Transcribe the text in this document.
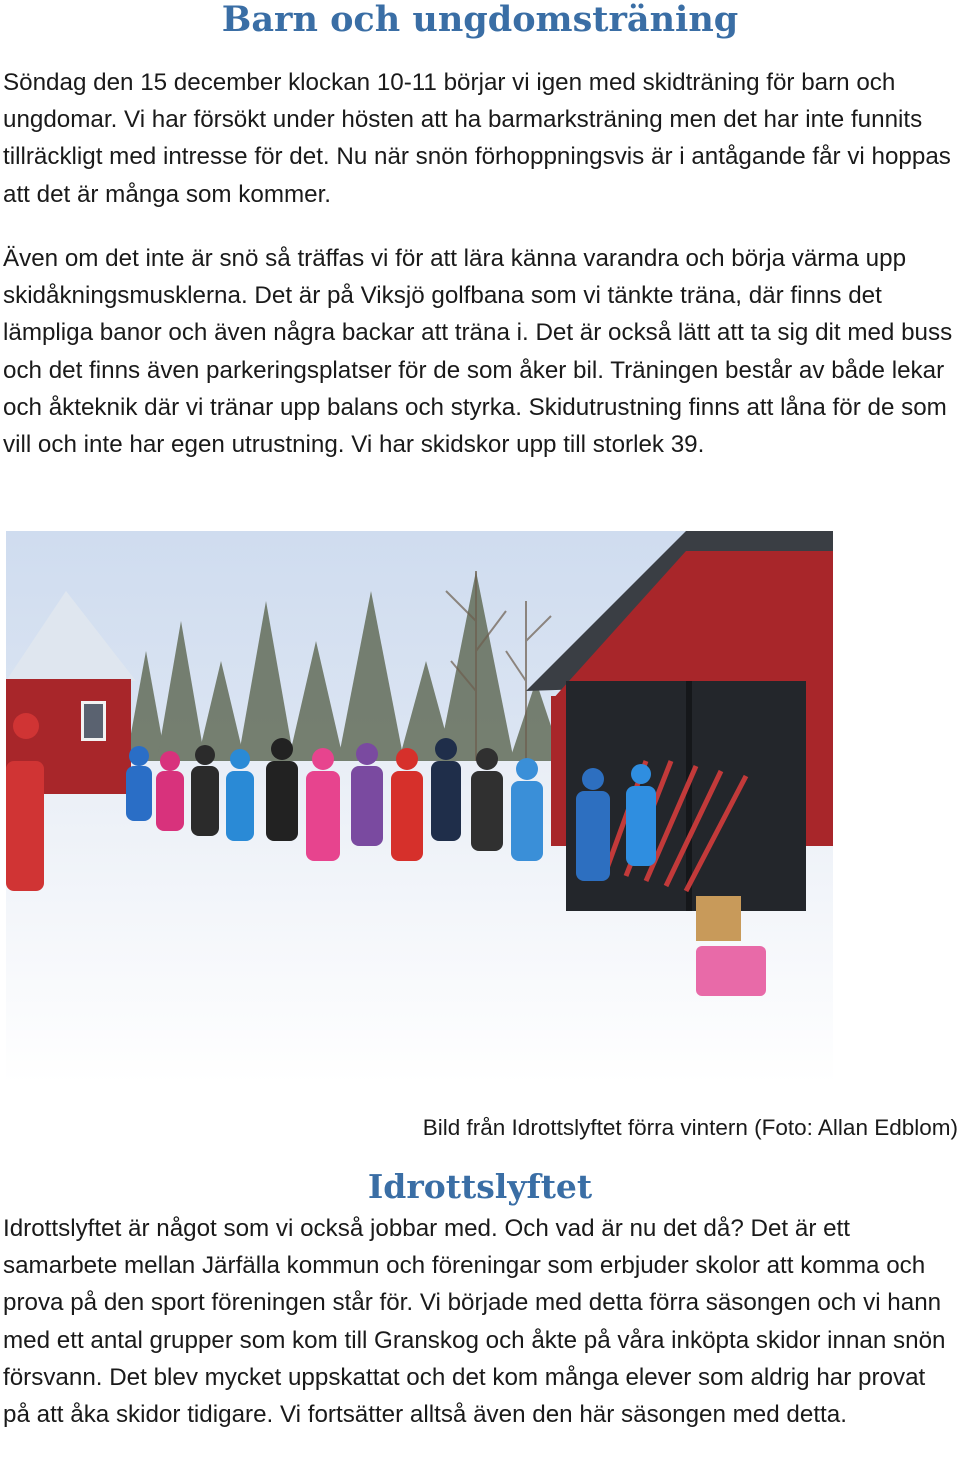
Barn och ungdomsträning

Söndag den 15 december klockan 10-11 börjar vi igen med skidträning för barn och ungdomar. Vi har försökt under hösten att ha barmarksträning men det har inte funnits tillräckligt med intresse för det. Nu när snön förhoppningsvis är i antågande får vi hoppas att det är många som kommer.

Även om det inte är snö så träffas vi för att lära känna varandra och börja värma upp skidåkningsmusklerna. Det är på Viksjö golfbana som vi tänkte träna, där finns det lämpliga banor och även några backar att träna i. Det är också lätt att ta sig dit med buss och det finns även parkeringsplatser för de som åker bil. Träningen består av både lekar och åkteknik där vi tränar upp balans och styrka. Skidutrustning finns att låna för de som vill och inte har egen utrustning. Vi har skidskor upp till storlek 39.

Bild från Idrottslyftet förra vintern (Foto: Allan Edblom)

Idrottslyftet

Idrottslyftet är något som vi också jobbar med. Och vad är nu det då? Det är ett samarbete mellan Järfälla kommun och föreningar som erbjuder skolor att komma och prova på den sport föreningen står för. Vi började med detta förra säsongen och vi hann med ett antal grupper som kom till Granskog och åkte på våra inköpta skidor innan snön försvann. Det blev mycket uppskattat och det kom många elever som aldrig har provat på att åka skidor tidigare. Vi fortsätter alltså även den här säsongen med detta.
